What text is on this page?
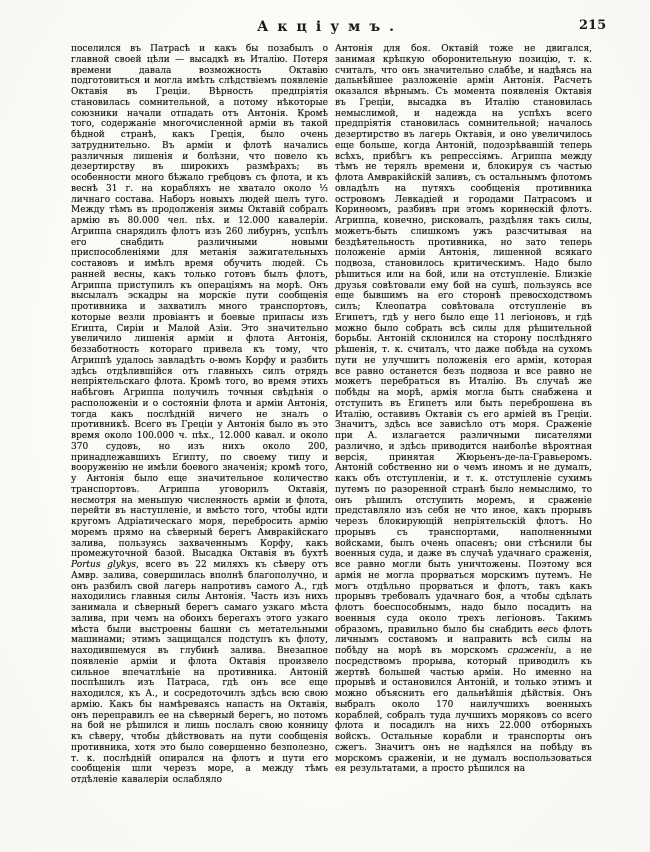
Акціумъ.	215
поселился въ Патрасѣ и какъ бы позабылъ о главной своей цѣли — высадкѣ въ Италію. Потеря времени давала возможность Октавію подготовиться и могла имѣть слѣдствіемъ появленіе Октавія въ Греціи. Вѣрность предпріятія становилась сомнительной, а потому нѣкоторые союзники начали отпадать отъ Антонія. Кромѣ того, содержаніе многочисленной арміи въ такой бѣдной странѣ, какъ Греція, было очень затруднительно. Въ арміи и флотѣ начались различныя лишенія и болѣзни, что повело къ дезертирству въ широкихъ размѣрахъ; въ особенности много бѣжало гребцовъ съ флота, и къ веснѣ 31 г. на корабляхъ не хватало около ⅓ личнаго состава. Наборъ новыхъ людей шелъ туго. Между тѣмъ въ продолженія зимы Октавій собралъ армію въ 80.000 чел. пѣх. и 12.000 кавалеріи. Агриппа снарядилъ флотъ изъ 260 либурнъ, успѣлъ его снабдить различными новыми приспособленіями для метанія зажигательныхъ составовъ и имѣлъ время обучить людей. Съ ранней весны, какъ только готовъ былъ флотъ, Агриппа приступилъ къ операціямъ на морѣ. Онъ высылалъ эскадры на морскіе пути сообщенія противника и захватилъ много транспортовъ, которые везли провіантъ и боевые припасы изъ Египта, Сиріи и Малой Азіи. Это значительно увеличило лишенія арміи и флота Антонія, беззаботность котораго привела къ тому, что Агриппѣ удалось завладѣть о-вомъ Корфу и разбить здѣсь отдѣлившійся отъ главныхъ силъ отрядъ непріятельскаго флота. Кромѣ того, во время этихъ набѣговъ Агриппа получилъ точныя свѣдѣнія о расположеніи и о состояніи флота и арміи Антонія, тогда какъ послѣдній ничего не зналъ о противникѣ. Всего въ Греціи у Антонія было въ это время около 100.000 ч. пѣх., 12.000 кавал. и около 370 судовъ, но изъ нихъ около 200, принадлежавшихъ Египту, по своему типу и вооруженію не имѣли боевого значенія; кромѣ того, у Антонія было еще значительное количество транспортовъ. Агриппа уговорилъ Октавія, несмотря на меньшую численность арміи и флота, перейти въ наступленіе, и вмѣсто того, чтобы идти кругомъ Адріатическаго моря, перебросить армію моремъ прямо на сѣверный берегъ Амвракійскаго залива, пользуясь захваченнымъ Корфу, какъ промежуточной базой. Высадка Октавія въ бухтѣ Portus glykys, всего въ 22 миляхъ къ сѣверу отъ Амвр. залива, совершилась вполнѣ благополучно, и онъ разбилъ свой лагерь напротивъ самого А., гдѣ находились главныя силы Антонія. Часть изъ нихъ занимала и сѣверный берегъ самаго узкаго мѣста залива, при чемъ на обоихъ берегахъ этого узкаго мѣста были выстроены башни съ метательными машинами; этимъ защищался подступъ къ флоту, находившемуся въ глубинѣ залива. Внезапное появленіе арміи и флота Октавія произвело сильное впечатлѣніе на противника. Антоній поспѣшилъ изъ Патраса, гдѣ онъ все еще находился, къ А., и сосредоточилъ здѣсь всю свою армію. Какъ бы намѣреваясь напасть на Октавія, онъ переправилъ ее на сѣверный берегъ, но потомъ на бой не рѣшился и лишь послалъ свою конницу къ сѣверу, чтобы дѣйствовать на пути сообщенія противника, хотя это было совершенно безполезно, т. к. послѣдній опирался на флотъ и пути его сообщенія шли черезъ море, а между тѣмъ отдѣленіе кавалеріи ослабляло
Антонія для боя. Октавій тоже не двигался, занимая крѣпкую оборонительную позицію, т. к. считалъ, что онъ значительно слабѣе, и надѣясь на дальнѣйшее разложеніе арміи Антонія. Расчетъ оказался вѣрнымъ. Съ момента появленія Октавія въ Греціи, высадка въ Италію становилась немыслимой, и надежда на успѣхъ всего предпріятія становилась сомнительной; началось дезертирство въ лагерь Октавія, и оно увеличилось еще больше, когда Антоній, подозрѣвавшій теперь всѣхъ, прибѣгъ къ репрессіямъ. Агриппа между тѣмъ не терялъ времени и, блокируя съ частью флота Амвракійскій заливъ, съ остальнымъ флотомъ овладѣлъ на путяхъ сообщенія противника островомъ Левкадіей и городами Патрасомъ и Коринѳомъ, разбивъ при этомъ коринѳскій флотъ. Агриппа, конечно, рисковалъ, раздѣляя такъ силы, можетъ-быть слишкомъ ужъ разсчитывая на бездѣятельность противника, но зато теперь положеніе арміи Антонія, лишенной всякаго подвоза, становилось критическимъ. Надо было рѣшиться или на бой, или на отступленіе. Близкіе друзья совѣтовали ему бой на сушѣ, пользуясь все еще бывшимъ на его сторонѣ превосходствомъ силъ; Клеопатра совѣтовала отступленіе въ Египетъ, гдѣ у него было еще 11 легіоновъ, и гдѣ можно было собрать всѣ силы для рѣшительной борьбы. Антоній склонился на сторону послѣдняго рѣшенія, т. к. считалъ, что даже побѣда на сухомъ пути не улучшитъ положенія его арміи, которая все равно останется безъ подвоза и все равно не можетъ перебраться въ Италію. Въ случаѣ же побѣды на морѣ, армія могла быть снабжена и отступить въ Египетъ или быть переброшена въ Италію, оставивъ Октавія съ его арміей въ Греціи. Значитъ, здѣсь все зависѣло отъ моря. Сраженіе при А. излагается различными писателями различно, и здѣсь приводится наиболѣе вѣроятная версія, принятая Жюрьенъ-де-ла-Гравьеромъ. Антоній собственно ни о чемъ иномъ и не думалъ, какъ объ отступленіи, и т. к. отступленіе сухимъ путемъ по разоренной странѣ было немыслимо, то онъ рѣшилъ отступить моремъ, и сраженіе представляло изъ себя не что иное, какъ прорывъ черезъ блокирующій непріятельскій флотъ. Но прорывъ съ транспортами, наполненными войсками, былъ очень опасенъ; они стѣснили бы военныя суда, и даже въ случаѣ удачнаго сраженія, все равно могли быть уничтожены. Поэтому вся армія не могла прорваться морскимъ путемъ. Не могъ отдѣльно прорваться и флотъ, такъ какъ прорывъ требовалъ удачнаго боя, а чтобы сдѣлать флотъ боеспособнымъ, надо было посадить на военныя суда около трехъ легіоновъ. Такимъ образомъ, правильно было бы снабдить весь флотъ личнымъ составомъ и направить всѣ силы на побѣду на морѣ въ морскомъ сраженіи, а не посредствомъ прорыва, который приводилъ къ жертвѣ большей частью арміи. Но именно на прорывѣ и остановился Антоній, и только этимъ и можно объяснить его дальнѣйшія дѣйствія. Онъ выбралъ около 170 наилучшихъ военныхъ кораблей, собралъ туда лучшихъ моряковъ со всего флота и посадилъ на нихъ 22.000 отборныхъ войскъ. Остальные корабли и транспорты онъ сжегъ. Значитъ онъ не надѣялся на побѣду въ морскомъ сраженіи, и не думалъ воспользоваться ея результатами, а просто рѣшился на
